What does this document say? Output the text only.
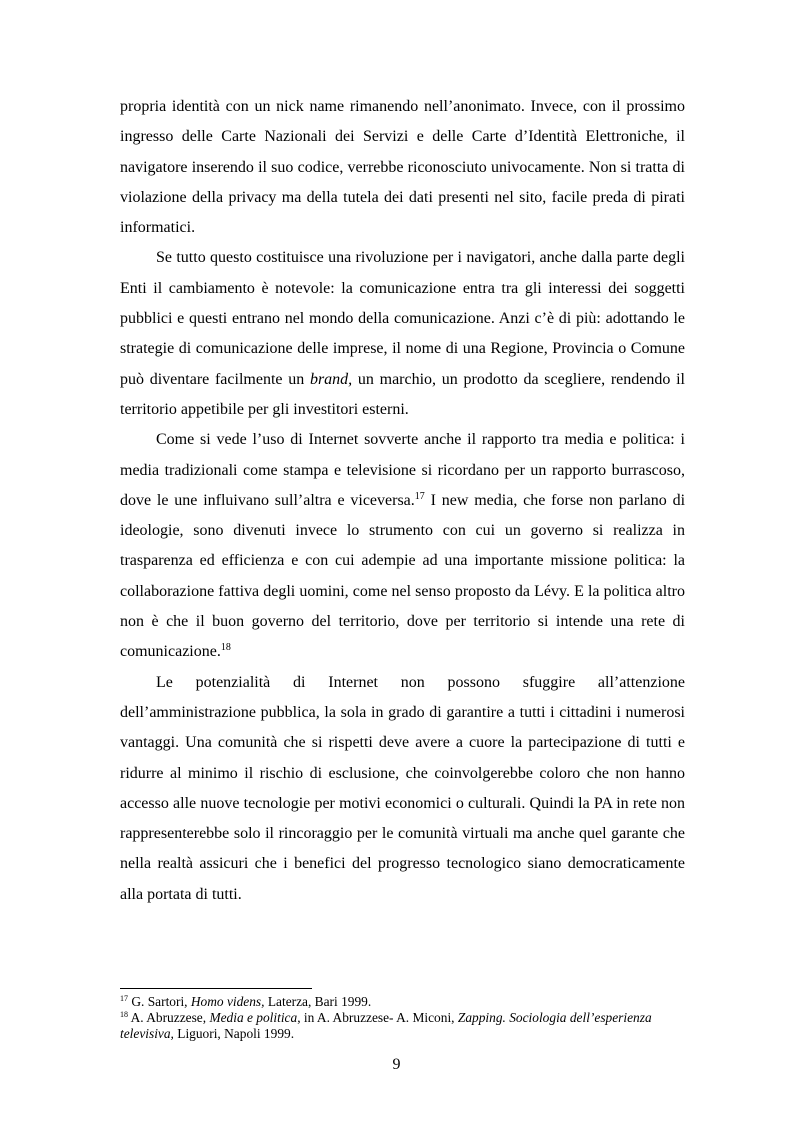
propria identità con un nick name rimanendo nell’anonimato. Invece, con il prossimo ingresso delle Carte Nazionali dei Servizi e delle Carte d’Identità Elettroniche, il navigatore inserendo il suo codice, verrebbe riconosciuto univocamente. Non si tratta di violazione della privacy ma della tutela dei dati presenti nel sito, facile preda di pirati informatici.

Se tutto questo costituisce una rivoluzione per i navigatori, anche dalla parte degli Enti il cambiamento è notevole: la comunicazione entra tra gli interessi dei soggetti pubblici e questi entrano nel mondo della comunicazione. Anzi c’è di più: adottando le strategie di comunicazione delle imprese, il nome di una Regione, Provincia o Comune può diventare facilmente un brand, un marchio, un prodotto da scegliere, rendendo il territorio appetibile per gli investitori esterni.

Come si vede l’uso di Internet sovverte anche il rapporto tra media e politica: i media tradizionali come stampa e televisione si ricordano per un rapporto burrascoso, dove le une influivano sull’altra e viceversa.$^{17}$ I new media, che forse non parlano di ideologie, sono divenuti invece lo strumento con cui un governo si realizza in trasparenza ed efficienza e con cui adempie ad una importante missione politica: la collaborazione fattiva degli uomini, come nel senso proposto da Lévy. E la politica altro non è che il buon governo del territorio, dove per territorio si intende una rete di comunicazione.$^{18}$

Le potenzialità di Internet non possono sfuggire all’attenzione dell’amministrazione pubblica, la sola in grado di garantire a tutti i cittadini i numerosi vantaggi. Una comunità che si rispetti deve avere a cuore la partecipazione di tutti e ridurre al minimo il rischio di esclusione, che coinvolgerebbe coloro che non hanno accesso alle nuove tecnologie per motivi economici o culturali. Quindi la PA in rete non rappresenterebbe solo il rincoraggio per le comunità virtuali ma anche quel garante che nella realtà assicuri che i benefici del progresso tecnologico siano democraticamente alla portata di tutti.

$^{17}$ G. Sartori, Homo videns, Laterza, Bari 1999.

$^{18}$ A. Abruzzese, Media e politica, in A. Abruzzese- A. Miconi, Zapping. Sociologia dell’esperienza televisiva, Liguori, Napoli 1999.

9
